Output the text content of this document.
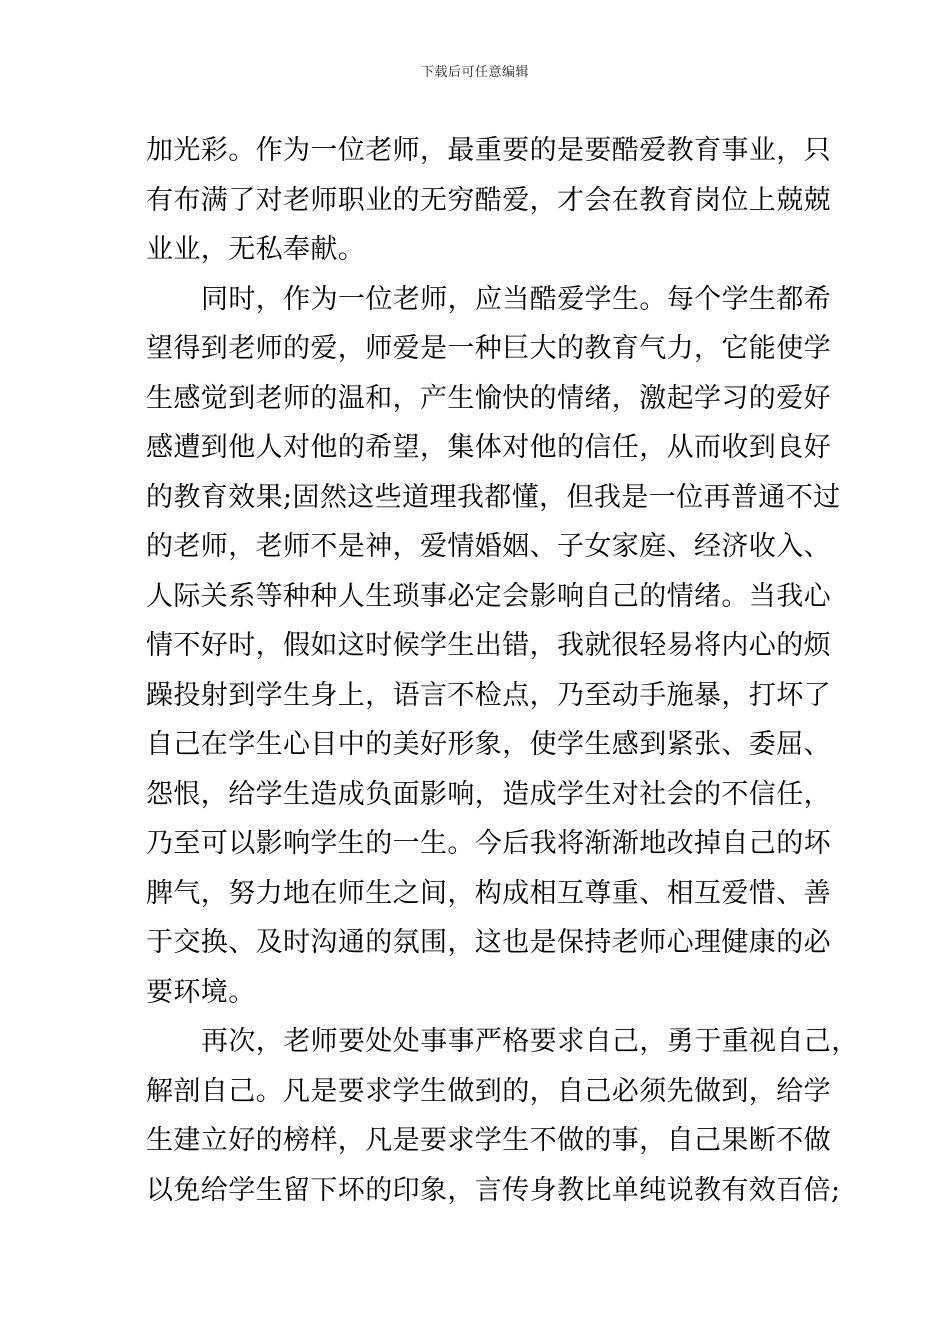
下载后可任意编辑
加光彩。作为一位老师，最重要的是要酷爱教育事业，只
有布满了对老师职业的无穷酷爱，才会在教育岗位上兢兢
业业，无私奉献。
同时，作为一位老师，应当酷爱学生。每个学生都希
望得到老师的爱，师爱是一种巨大的教育气力，它能使学
生感觉到老师的温和，产生愉快的情绪，激起学习的爱好
感遭到他人对他的希望，集体对他的信任，从而收到良好
的教育效果;固然这些道理我都懂，但我是一位再普通不过
的老师，老师不是神，爱情婚姻、子女家庭、经济收入、
人际关系等种种人生琐事必定会影响自己的情绪。当我心
情不好时，假如这时候学生出错，我就很轻易将内心的烦
躁投射到学生身上，语言不检点，乃至动手施暴，打坏了
自己在学生心目中的美好形象，使学生感到紧张、委屈、
怨恨，给学生造成负面影响，造成学生对社会的不信任，
乃至可以影响学生的一生。今后我将渐渐地改掉自己的坏
脾气，努力地在师生之间，构成相互尊重、相互爱惜、善
于交换、及时沟通的氛围，这也是保持老师心理健康的必
要环境。
再次，老师要处处事事严格要求自己，勇于重视自己，
解剖自己。凡是要求学生做到的，自己必须先做到，给学
生建立好的榜样，凡是要求学生不做的事，自己果断不做
以免给学生留下坏的印象，言传身教比单纯说教有效百倍;
